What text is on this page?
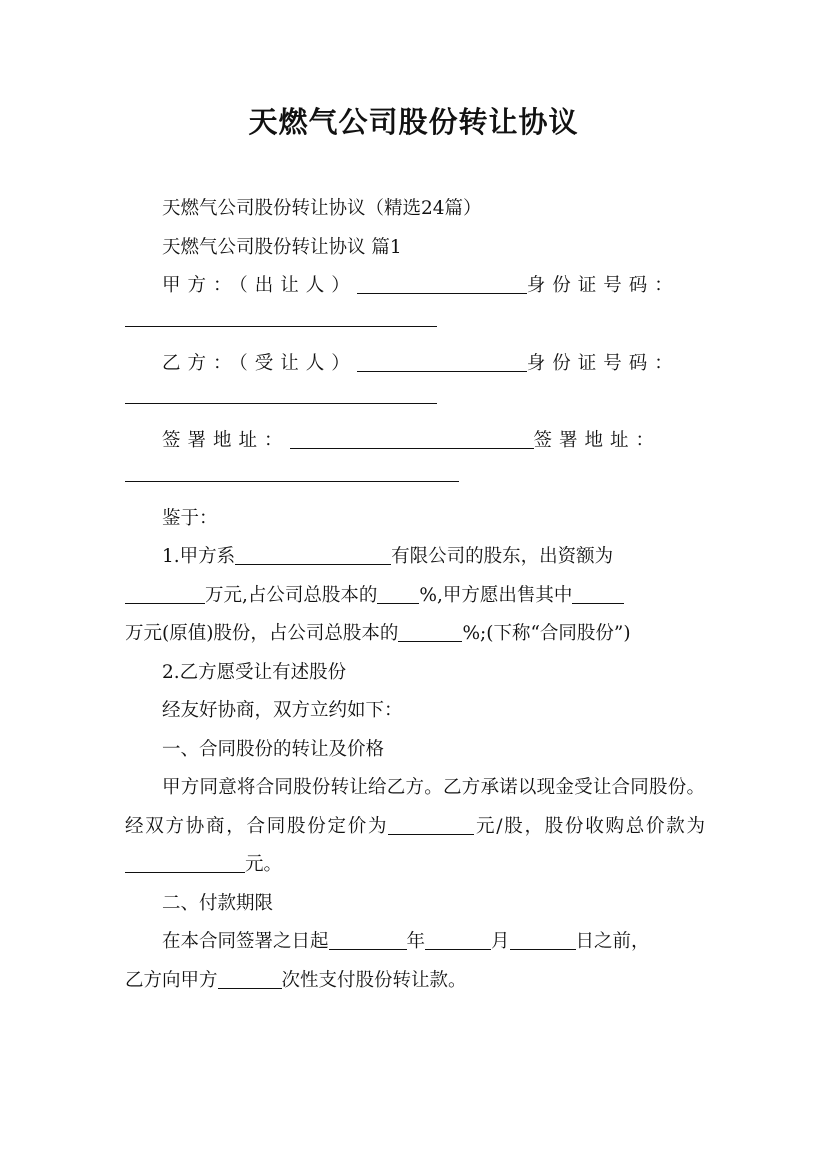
天燃气公司股份转让协议

天燃气公司股份转让协议（精选24篇）

天燃气公司股份转让协议 篇1

甲方：（出让人）	身份证号码：

乙方：（受让人）	身份证号码：

签署地址：	签署地址：

鉴于：

1.甲方系	有限公司的股东，出资额为

万元,占公司总股本的 %,甲方愿出售其中

万元(原值)股份，占公司总股本的	%;(下称“合同股份”)

2.乙方愿受让有述股份

经友好协商，双方立约如下：

一、合同股份的转让及价格

甲方同意将合同股份转让给乙方。乙方承诺以现金受让合同股份。经双方协商，合同股份定价为	元/股，股份收购总价款为元。

二、付款期限

在本合同签署之日起	年	月	日之前，

乙方向甲方	次性支付股份转让款。
